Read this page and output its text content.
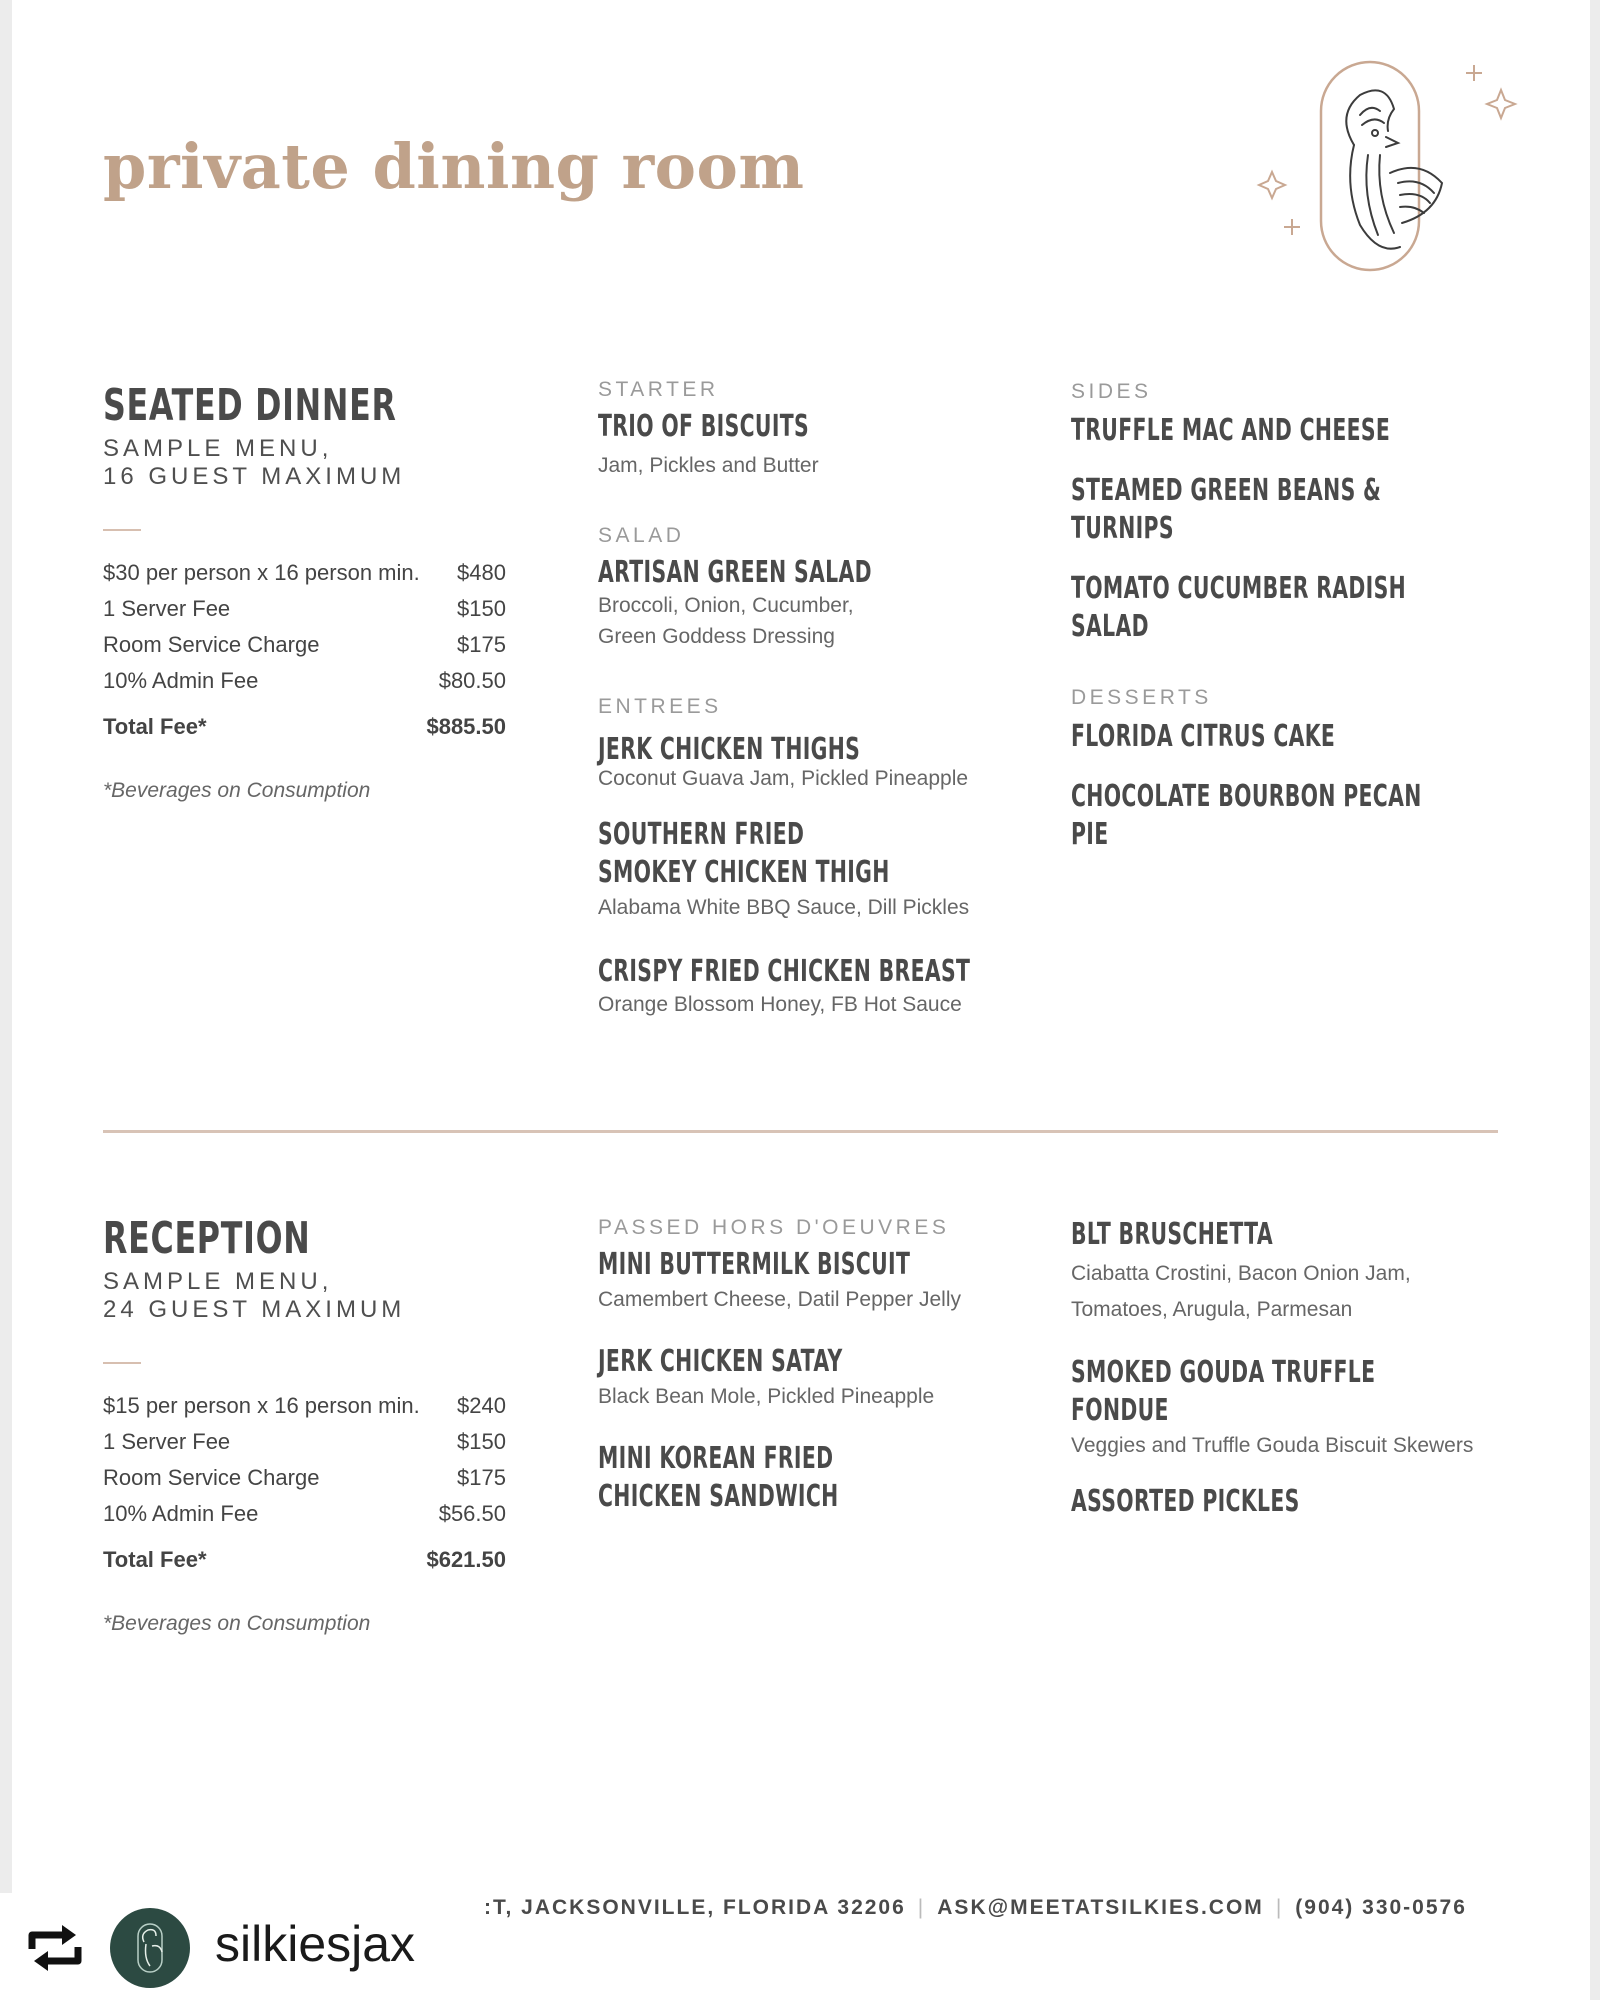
private dining room
SEATED DINNER
SAMPLE MENU,
16 GUEST MAXIMUM
$30 per person x 16 person min. $480
1 Server Fee	$150
Room Service Charge	$175
10% Admin Fee	$80.50
Total Fee*	$885.50
*Beverages on Consumption

STARTER

TRIO OF BISCUITS

Jam, Pickles and Butter

SALAD

ARTISAN GREEN SALAD

Broccoli, Onion, Cucumber,
Green Goddess Dressing

ENTREES

JERK CHICKEN THIGHS

Coconut Guava Jam, Pickled Pineapple

SOUTHERN FRIED
SMOKEY CHICKEN THIGH

Alabama White BBQ Sauce, Dill Pickles

CRISPY FRIED CHICKEN BREAST

Orange Blossom Honey, FB Hot Sauce

SIDES

TRUFFLE MAC AND CHEESE

STEAMED GREEN BEANS & TURNIPS

TOMATO CUCUMBER RADISH SALAD

DESSERTS

FLORIDA CITRUS CAKE

CHOCOLATE BOURBON PECAN PIE

RECEPTION
SAMPLE MENU,
24 GUEST MAXIMUM
$15 per person x 16 person min. $240
1 Server Fee	$150
Room Service Charge	$175
10% Admin Fee	$56.50
Total Fee*	$621.50
*Beverages on Consumption

PASSED HORS D'OEUVRES

MINI BUTTERMILK BISCUIT

Camembert Cheese, Datil Pepper Jelly

JERK CHICKEN SATAY

Black Bean Mole, Pickled Pineapple

MINI KOREAN FRIED
CHICKEN SANDWICH

BLT BRUSCHETTA

Ciabatta Crostini, Bacon Onion Jam,
Tomatoes, Arugula, Parmesan

SMOKED GOUDA TRUFFLE FONDUE

Veggies and Truffle Gouda Biscuit Skewers

ASSORTED PICKLES

:T, JACKSONVILLE, FLORIDA 32206 | ASK@MEETATSILKIES.COM | (904) 330-0576
silkiesjax
